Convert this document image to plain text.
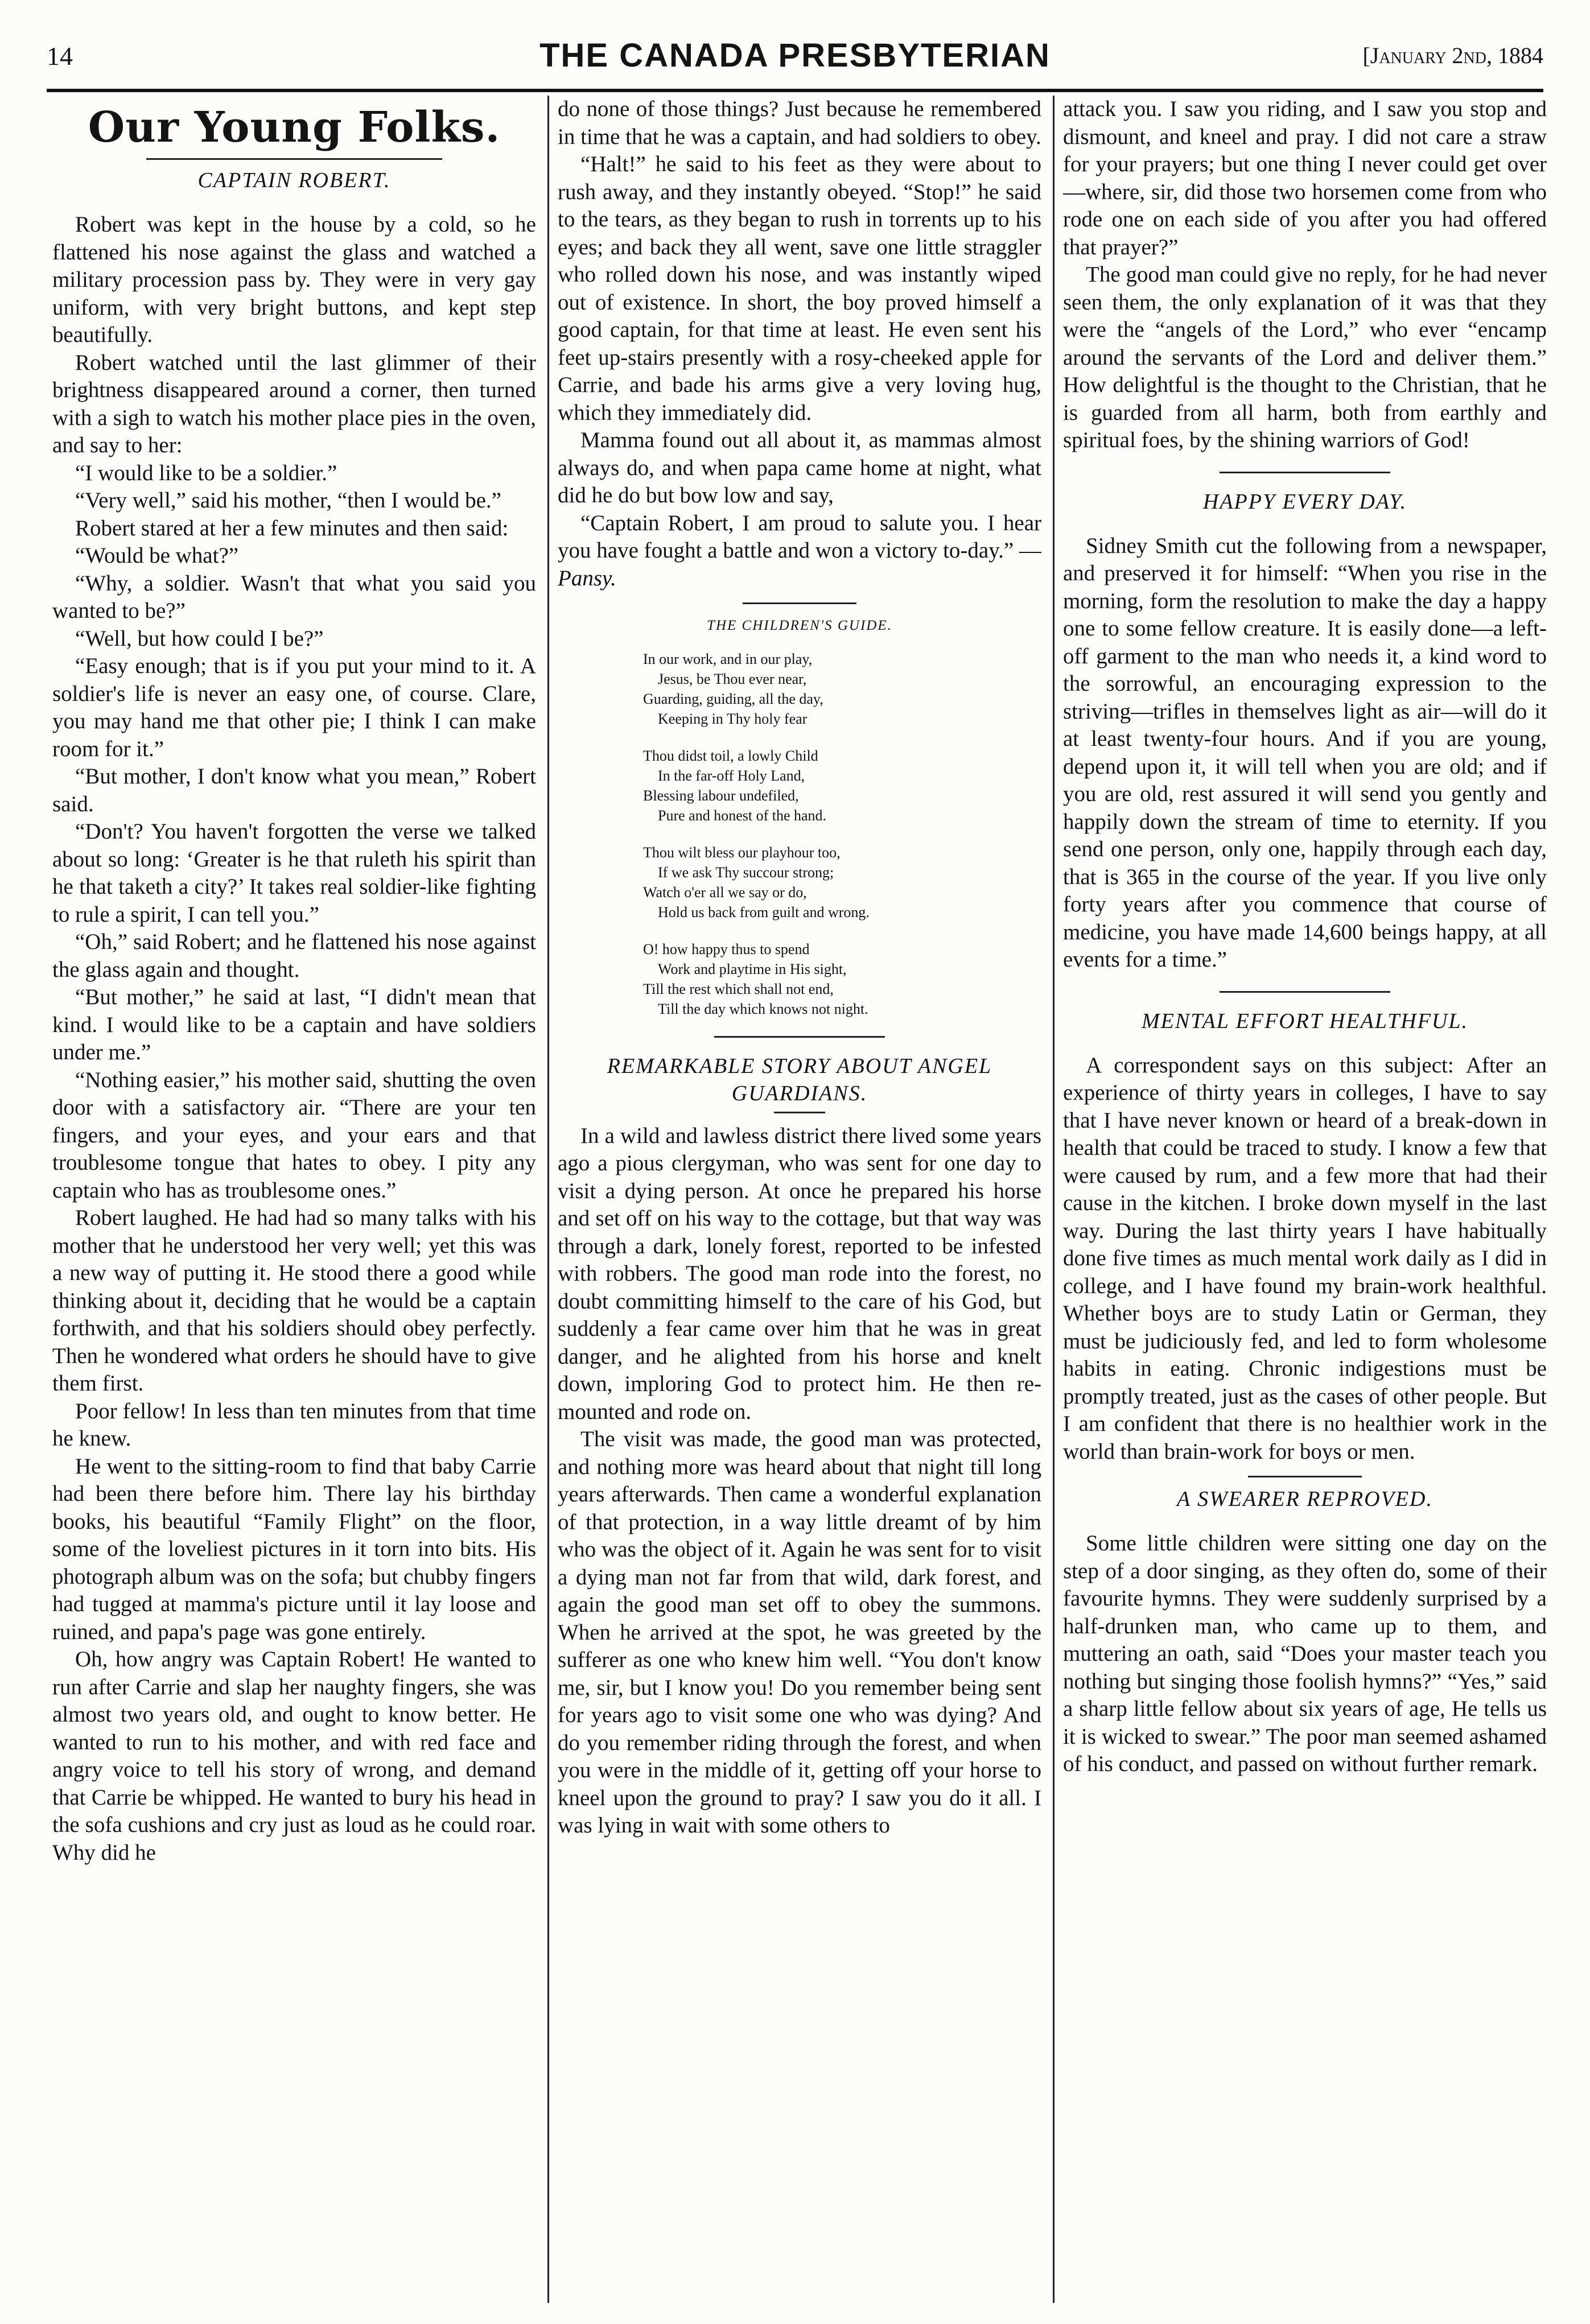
14	THE CANADA PRESBYTERIAN	[January 2nd, 1884
Our Young Folks.
CAPTAIN ROBERT.

Robert was kept in the house by a cold, so he flattened his nose against the glass and watched a military procession pass by. They were in very gay uniform, with very bright buttons, and kept step beautifully.

Robert watched until the last glimmer of their brightness disappeared around a corner, then turned with a sigh to watch his mother place pies in the oven, and say to her:

“I would like to be a soldier.”

“Very well,” said his mother, “then I would be.”

Robert stared at her a few minutes and then said:

“Would be what?”

“Why, a soldier. Wasn't that what you said you wanted to be?”

“Well, but how could I be?”

“Easy enough; that is if you put your mind to it. A soldier's life is never an easy one, of course. Clare, you may hand me that other pie; I think I can make room for it.”

“But mother, I don't know what you mean,” Robert said.

“Don't? You haven't forgotten the verse we talked about so long: ‘Greater is he that ruleth his spirit than he that taketh a city?’ It takes real soldier-like fighting to rule a spirit, I can tell you.”

“Oh,” said Robert; and he flattened his nose against the glass again and thought.

“But mother,” he said at last, “I didn't mean that kind. I would like to be a captain and have soldiers under me.”

“Nothing easier,” his mother said, shutting the oven door with a satisfactory air. “There are your ten fingers, and your eyes, and your ears and that troublesome tongue that hates to obey. I pity any captain who has as troublesome ones.”

Robert laughed. He had had so many talks with his mother that he understood her very well; yet this was a new way of putting it. He stood there a good while thinking about it, deciding that he would be a captain forthwith, and that his soldiers should obey perfectly. Then he wondered what orders he should have to give them first.

Poor fellow! In less than ten minutes from that time he knew.

He went to the sitting-room to find that baby Carrie had been there before him. There lay his birthday books, his beautiful “Family Flight” on the floor, some of the loveliest pictures in it torn into bits. His photograph album was on the sofa; but chubby fingers had tugged at mamma's picture until it lay loose and ruined, and papa's page was gone entirely.

Oh, how angry was Captain Robert! He wanted to run after Carrie and slap her naughty fingers, she was almost two years old, and ought to know better. He wanted to run to his mother, and with red face and angry voice to tell his story of wrong, and demand that Carrie be whipped. He wanted to bury his head in the sofa cushions and cry just as loud as he could roar. Why did he

do none of those things? Just because he remembered in time that he was a captain, and had soldiers to obey.

“Halt!” he said to his feet as they were about to rush away, and they instantly obeyed. “Stop!” he said to the tears, as they began to rush in torrents up to his eyes; and back they all went, save one little straggler who rolled down his nose, and was instantly wiped out of existence. In short, the boy proved himself a good captain, for that time at least. He even sent his feet up-stairs presently with a rosy-cheeked apple for Carrie, and bade his arms give a very loving hug, which they immediately did.

Mamma found out all about it, as mammas almost always do, and when papa came home at night, what did he do but bow low and say,

“Captain Robert, I am proud to salute you. I hear you have fought a battle and won a victory to-day.” — Pansy.

THE CHILDREN'S GUIDE.
In our work, and in our play,
Jesus, be Thou ever near,
Guarding, guiding, all the day,
Keeping in Thy holy fear
Thou didst toil, a lowly Child
In the far-off Holy Land,
Blessing labour undefiled,
Pure and honest of the hand.
Thou wilt bless our playhour too,
If we ask Thy succour strong;
Watch o'er all we say or do,
Hold us back from guilt and wrong.
O! how happy thus to spend
Work and playtime in His sight,
Till the rest which shall not end,
Till the day which knows not night.
REMARKABLE STORY ABOUT ANGEL GUARDIANS.

In a wild and lawless district there lived some years ago a pious clergyman, who was sent for one day to visit a dying person. At once he prepared his horse and set off on his way to the cottage, but that way was through a dark, lonely forest, reported to be infested with robbers. The good man rode into the forest, no doubt committing himself to the care of his God, but suddenly a fear came over him that he was in great danger, and he alighted from his horse and knelt down, imploring God to protect him. He then re-mounted and rode on.

The visit was made, the good man was protected, and nothing more was heard about that night till long years afterwards. Then came a wonderful explanation of that protection, in a way little dreamt of by him who was the object of it. Again he was sent for to visit a dying man not far from that wild, dark forest, and again the good man set off to obey the summons. When he arrived at the spot, he was greeted by the sufferer as one who knew him well. “You don't know me, sir, but I know you! Do you remember being sent for years ago to visit some one who was dying? And do you remember riding through the forest, and when you were in the middle of it, getting off your horse to kneel upon the ground to pray? I saw you do it all. I was lying in wait with some others to

attack you. I saw you riding, and I saw you stop and dismount, and kneel and pray. I did not care a straw for your prayers; but one thing I never could get over—where, sir, did those two horsemen come from who rode one on each side of you after you had offered that prayer?”

The good man could give no reply, for he had never seen them, the only explanation of it was that they were the “angels of the Lord,” who ever “encamp around the servants of the Lord and deliver them.” How delightful is the thought to the Christian, that he is guarded from all harm, both from earthly and spiritual foes, by the shining warriors of God!

HAPPY EVERY DAY.

Sidney Smith cut the following from a newspaper, and preserved it for himself: “When you rise in the morning, form the resolution to make the day a happy one to some fellow creature. It is easily done—a left-off garment to the man who needs it, a kind word to the sorrowful, an encouraging expression to the striving—trifles in themselves light as air—will do it at least twenty-four hours. And if you are young, depend upon it, it will tell when you are old; and if you are old, rest assured it will send you gently and happily down the stream of time to eternity. If you send one person, only one, happily through each day, that is 365 in the course of the year. If you live only forty years after you commence that course of medicine, you have made 14,600 beings happy, at all events for a time.”

MENTAL EFFORT HEALTHFUL.

A correspondent says on this subject: After an experience of thirty years in colleges, I have to say that I have never known or heard of a break-down in health that could be traced to study. I know a few that were caused by rum, and a few more that had their cause in the kitchen. I broke down myself in the last way. During the last thirty years I have habitually done five times as much mental work daily as I did in college, and I have found my brain-work healthful. Whether boys are to study Latin or German, they must be judiciously fed, and led to form wholesome habits in eating. Chronic indigestions must be promptly treated, just as the cases of other people. But I am confident that there is no healthier work in the world than brain-work for boys or men.

A SWEARER REPROVED.

Some little children were sitting one day on the step of a door singing, as they often do, some of their favourite hymns. They were suddenly surprised by a half-drunken man, who came up to them, and muttering an oath, said “Does your master teach you nothing but singing those foolish hymns?” “Yes,” said a sharp little fellow about six years of age, He tells us it is wicked to swear.” The poor man seemed ashamed of his conduct, and passed on without further remark.
